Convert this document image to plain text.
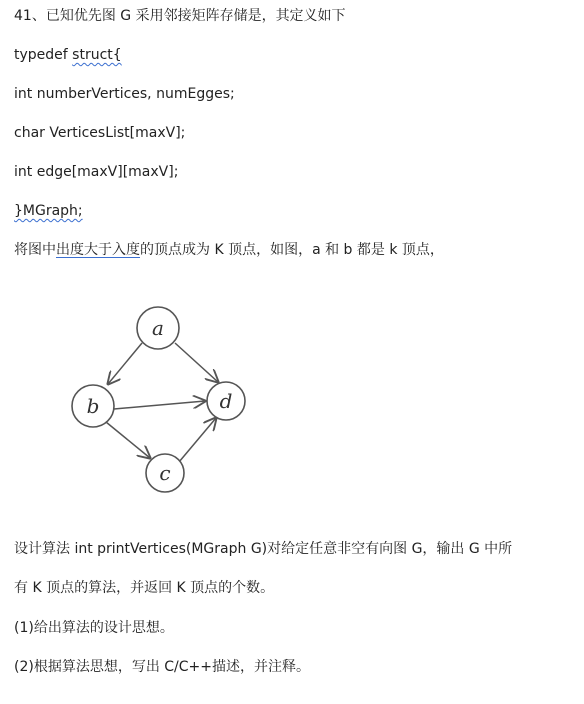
41、已知优先图 G 采用邻接矩阵存储是，其定义如下
typedef struct{
int numberVertices, numEgges;
char VerticesList[maxV];
int edge[maxV][maxV];
}MGraph;
将图中出度大于入度的顶点成为 K 顶点，如图，a 和 b 都是 k 顶点，
a
b
c
d
设计算法 int printVertices(MGraph G)对给定任意非空有向图 G，输出 G 中所
有 K 顶点的算法，并返回 K 顶点的个数。
(1)给出算法的设计思想。
(2)根据算法思想，写出 C/C++描述，并注释。
